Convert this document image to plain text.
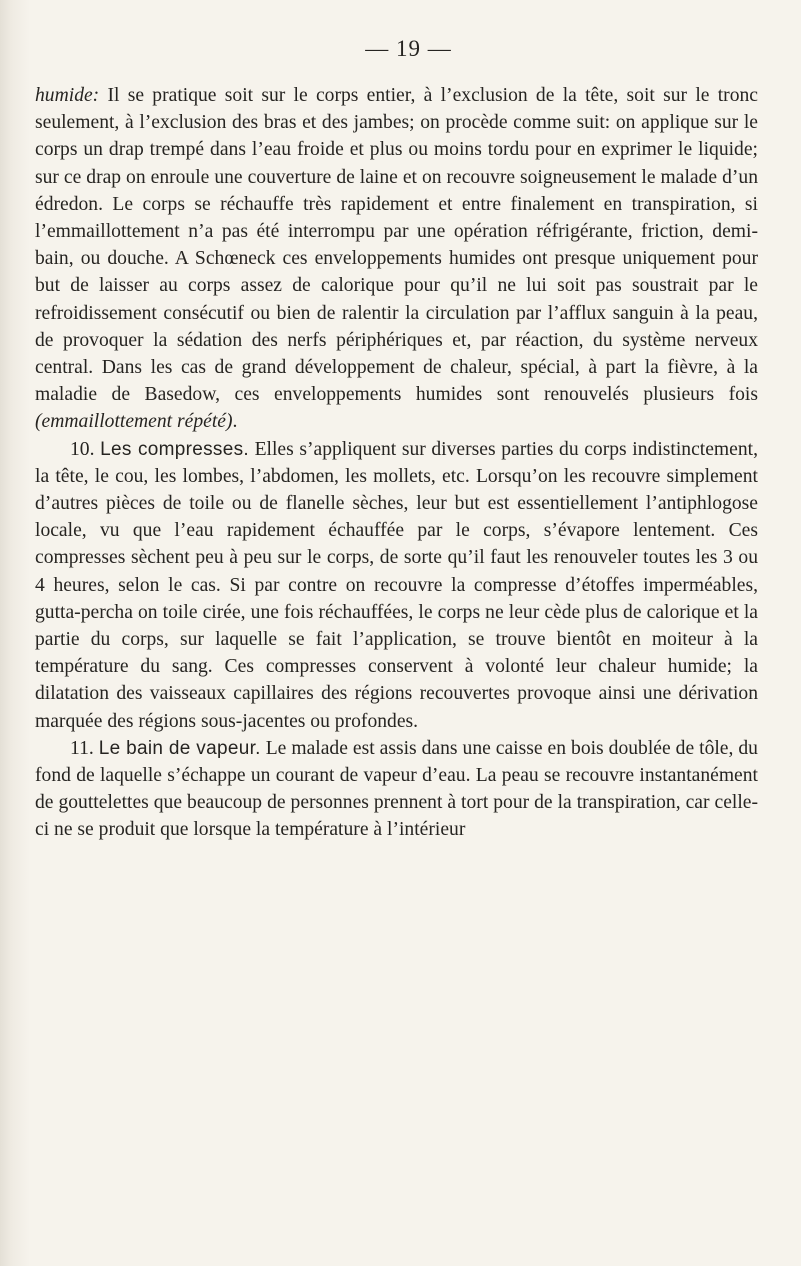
— 19 —

humide: Il se pratique soit sur le corps entier, à l’exclusion de la tête, soit sur le tronc seulement, à l’exclusion des bras et des jambes; on procède comme suit: on applique sur le corps un drap trempé dans l’eau froide et plus ou moins tordu pour en exprimer le liquide; sur ce drap on enroule une couverture de laine et on recouvre soigneusement le malade d’un édredon. Le corps se réchauffe très rapidement et entre finalement en transpiration, si l’emmaillottement n’a pas été interrompu par une opération réfrigérante, friction, demi-bain, ou douche. A Schœneck ces enveloppements humides ont presque uniquement pour but de laisser au corps assez de calorique pour qu’il ne lui soit pas soustrait par le refroidissement consécutif ou bien de ralentir la circulation par l’afflux sanguin à la peau, de provoquer la sédation des nerfs périphériques et, par réaction, du système nerveux central. Dans les cas de grand développement de chaleur, spécial, à part la fièvre, à la maladie de Basedow, ces enveloppements humides sont renouvelés plusieurs fois (emmaillottement répété).

10. Les compresses. Elles s’appliquent sur diverses parties du corps indistinctement, la tête, le cou, les lombes, l’abdomen, les mollets, etc. Lorsqu’on les recouvre simplement d’autres pièces de toile ou de flanelle sèches, leur but est essentiellement l’antiphlogose locale, vu que l’eau rapidement échauffée par le corps, s’évapore lentement. Ces compresses sèchent peu à peu sur le corps, de sorte qu’il faut les renouveler toutes les 3 ou 4 heures, selon le cas. Si par contre on recouvre la compresse d’étoffes imperméables, gutta-percha on toile cirée, une fois réchauffées, le corps ne leur cède plus de calorique et la partie du corps, sur laquelle se fait l’application, se trouve bientôt en moiteur à la température du sang. Ces compresses conservent à volonté leur chaleur humide; la dilatation des vaisseaux capillaires des régions recouvertes provoque ainsi une dérivation marquée des régions sous-jacentes ou profondes.

11. Le bain de vapeur. Le malade est assis dans une caisse en bois doublée de tôle, du fond de laquelle s’échappe un courant de vapeur d’eau. La peau se recouvre instantanément de gouttelettes que beaucoup de personnes prennent à tort pour de la transpiration, car celle-ci ne se produit que lorsque la température à l’intérieur
